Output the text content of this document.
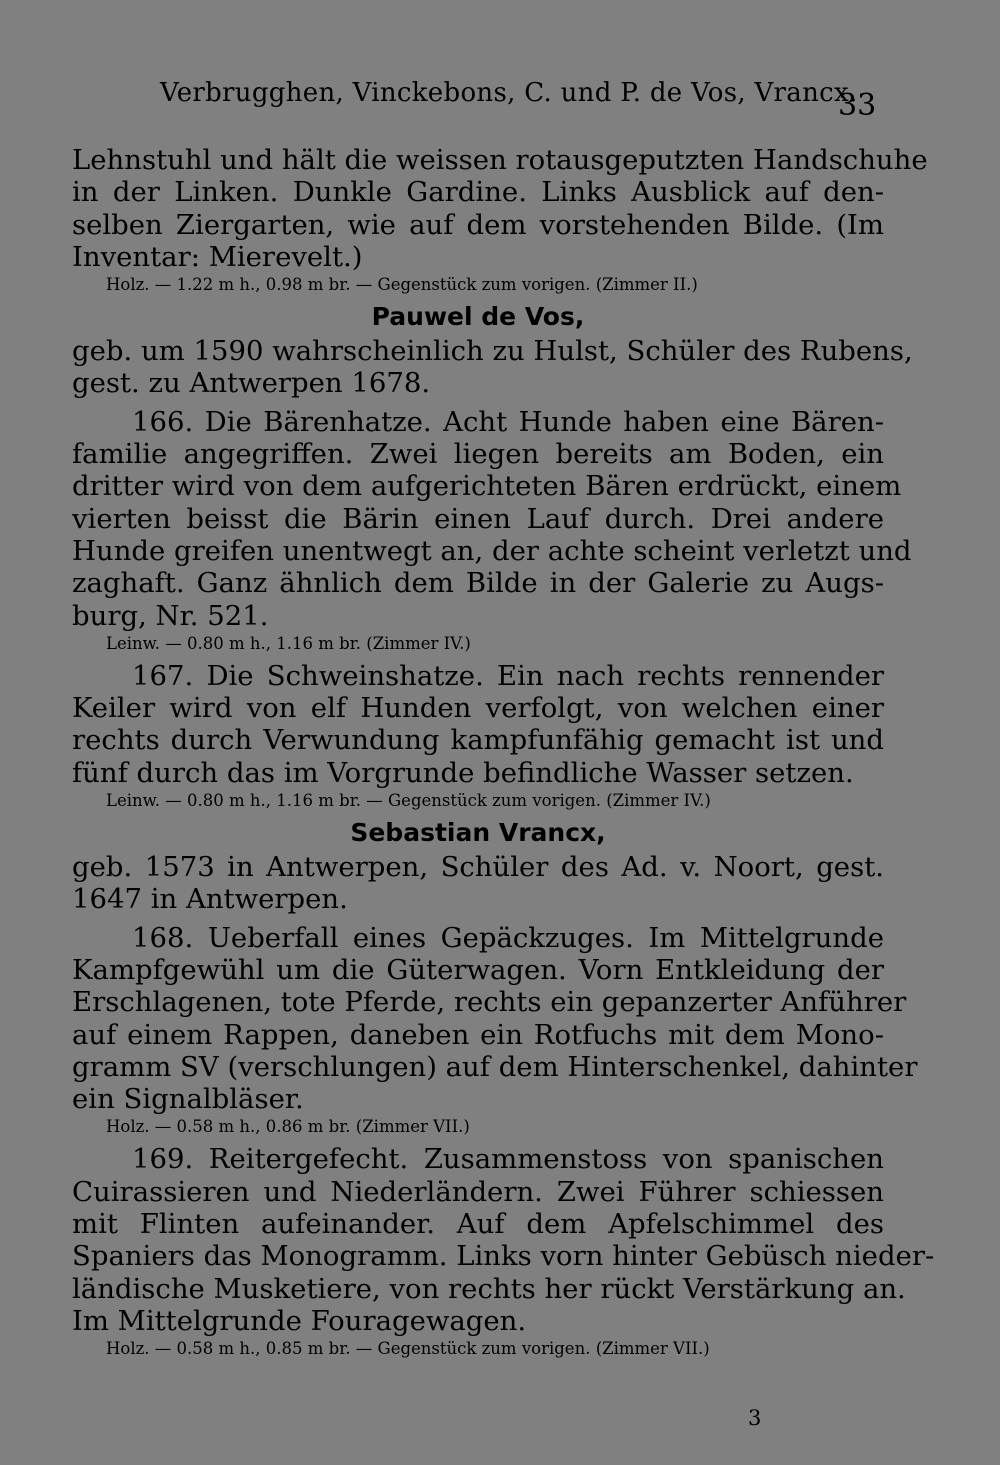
Verbrugghen, Vinckebons, C. und P. de Vos, Vrancx.
33
Lehnstuhl und hält die weissen rotausgeputzten Handschuhe
in der Linken. Dunkle Gardine. Links Ausblick auf den-
selben Ziergarten, wie auf dem vorstehenden Bilde. (Im
Inventar: Mierevelt.)
Holz. — 1.22 m h., 0.98 m br. — Gegenstück zum vorigen. (Zimmer II.)
Pauwel de Vos,
geb. um 1590 wahrscheinlich zu Hulst, Schüler des Rubens,
gest. zu Antwerpen 1678.
166. Die Bärenhatze. Acht Hunde haben eine Bären-
familie angegriffen. Zwei liegen bereits am Boden, ein
dritter wird von dem aufgerichteten Bären erdrückt, einem
vierten beisst die Bärin einen Lauf durch. Drei andere
Hunde greifen unentwegt an, der achte scheint verletzt und
zaghaft. Ganz ähnlich dem Bilde in der Galerie zu Augs-
burg, Nr. 521.
Leinw. — 0.80 m h., 1.16 m br. (Zimmer IV.)
167. Die Schweinshatze. Ein nach rechts rennender
Keiler wird von elf Hunden verfolgt, von welchen einer
rechts durch Verwundung kampfunfähig gemacht ist und
fünf durch das im Vorgrunde befindliche Wasser setzen.
Leinw. — 0.80 m h., 1.16 m br. — Gegenstück zum vorigen. (Zimmer IV.)
Sebastian Vrancx,
geb. 1573 in Antwerpen, Schüler des Ad. v. Noort, gest.
1647 in Antwerpen.
168. Ueberfall eines Gepäckzuges. Im Mittelgrunde
Kampfgewühl um die Güterwagen. Vorn Entkleidung der
Erschlagenen, tote Pferde, rechts ein gepanzerter Anführer
auf einem Rappen, daneben ein Rotfuchs mit dem Mono-
gramm SV (verschlungen) auf dem Hinterschenkel, dahinter
ein Signalbläser.
Holz. — 0.58 m h., 0.86 m br. (Zimmer VII.)
169. Reitergefecht. Zusammenstoss von spanischen
Cuirassieren und Niederländern. Zwei Führer schiessen
mit Flinten aufeinander. Auf dem Apfelschimmel des
Spaniers das Monogramm. Links vorn hinter Gebüsch nieder-
ländische Musketiere, von rechts her rückt Verstärkung an.
Im Mittelgrunde Fouragewagen.
Holz. — 0.58 m h., 0.85 m br. — Gegenstück zum vorigen. (Zimmer VII.)
3
